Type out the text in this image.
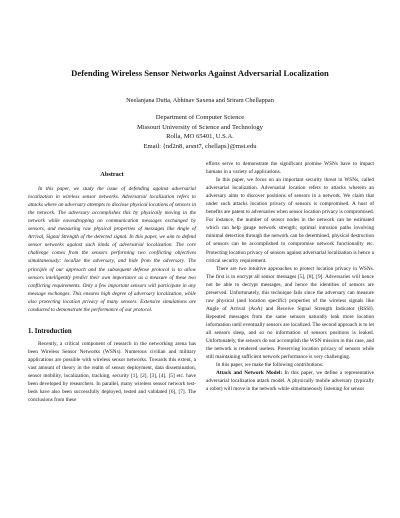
Defending Wireless Sensor Networks Against Adversarial Localization
Neelanjana Dutta, Abhinav Saxena and Sriram Chellappan
Department of Computer Science
Missouri University of Science and Technology
Rolla, MO 65401, U.S.A.
Email: {nd2n8, arsnt7, chellaps}@mst.edu
Abstract

In this paper, we study the issue of defending against adversarial localization in wireless sensor networks. Adversarial localization refers to attacks where an adversary attempts to disclose physical locations of sensors in the network. The adversary accomplishes this by physically moving in the network while eavesdropping on communication messages exchanged by sensors, and measuring raw physical properties of messages like Angle of Arrival, Signal Strength of the detected signal. In this paper, we aim to defend sensor networks against such kinds of adversarial localization. The core challenge comes from the sensors performing two conflicting objectives simultaneously: localize the adversary, and hide from the adversary. The principle of our approach and the subsequent defense protocol is to allow sensors intelligently predict their own importance as a measure of these two conflicting requirements. Only a few important sensors will participate in any message exchanges. This ensures high degree of adversary localization, while also protecting location privacy of many sensors. Extensive simulations are conducted to demonstrate the performance of our protocol.

1. Introduction

Recently, a critical component of research in the networking arena has been Wireless Sensor Networks (WSNs). Numerous civilian and military applications are possible with wireless sensor networks. Towards this extent, a vast amount of theory in the realm of sensor deployment, data dissemination, sensor mobility, localization, tracking, security [1], [2], [3], [4], [5] etc. have been developed by researchers. In parallel, many wireless sensor network test-beds have also been successfully deployed, tested and validated [6], [7]. The conclusions from these

efforts serve to demonstrate the significant promise WSNs have to impact humans in a variety of applications.

In this paper, we focus on an important security threat in WSNs, called adversarial localization. Adversarial location refers to attacks wherein an adversary aims to discover positions of sensors in a network. We claim that under such attacks location privacy of sensors is compromised. A host of benefits are patent to adversaries when sensor location privacy is compromised. For instance, the number of sensor nodes in the network can be estimated which can help gauge network strength; optimal intrusion paths involving minimal detection through the network can be determined, physical destruction of sensors can be accomplished to compromise network functionality etc. Protecting location privacy of sensors against adversarial localization is hence a critical security requirement.

There are two intuitive approaches to protect location privacy in WSNs. The first is to encrypt all sensor messages [5], [8], [9]. Adversaries will hence not be able to decrypt messages, and hence the identities of sensors are preserved. Unfortunately, this technique fails since the adversary can measure raw physical (and location specific) properties of the wireless signals like Angle of Arrival (AoA) and Receive Signal Strength Indicator (RSSI). Repeated messages from the same sensors naturally leak more location information until eventually sensors are localized. The second approach is to let all sensors sleep, and so no information of sensors positions is leaked. Unfortunately, the sensors do not accomplish the WSN mission in this case, and the network is rendered useless. Preserving location privacy of sensors while still maintaining sufficient network performance is very challenging.

In this paper, we make the following contributions:

Attack and Network Model: In this paper, we define a representative adversarial localization attack model. A physically mobile adversary (typically a robot) will move in the network while simultaneously listening for sensor
